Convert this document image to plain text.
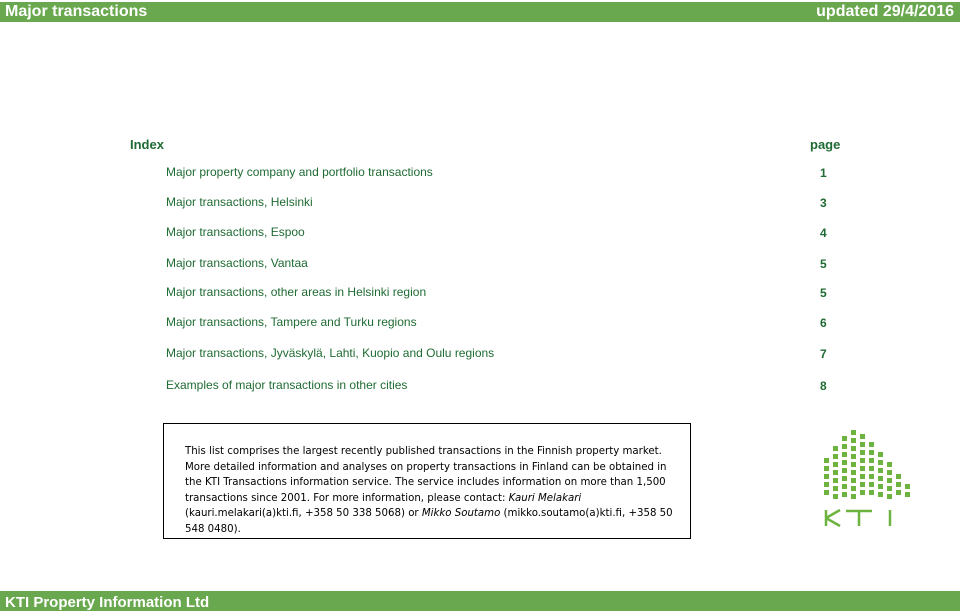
Major transactions	updated 29/4/2016
Index	page
Major property company and portfolio transactions	1
Major transactions, Helsinki	3
Major transactions, Espoo	4
Major transactions, Vantaa	5
Major transactions, other areas in Helsinki region	5
Major transactions, Tampere and Turku regions	6
Major transactions, Jyväskylä, Lahti, Kuopio and Oulu regions	7
Examples of major transactions in other cities	8
This list comprises the largest recently published transactions in the Finnish property market. More detailed information and analyses on property transactions in Finland can be obtained in the KTI Transactions information service. The service includes information on more than 1,500 transactions since 2001. For more information, please contact: Kauri Melakari (kauri.melakari(a)kti.fi, +358 50 338 5068) or Mikko Soutamo (mikko.soutamo(a)kti.fi, +358 50 548 0480).
KTI Property Information Ltd
